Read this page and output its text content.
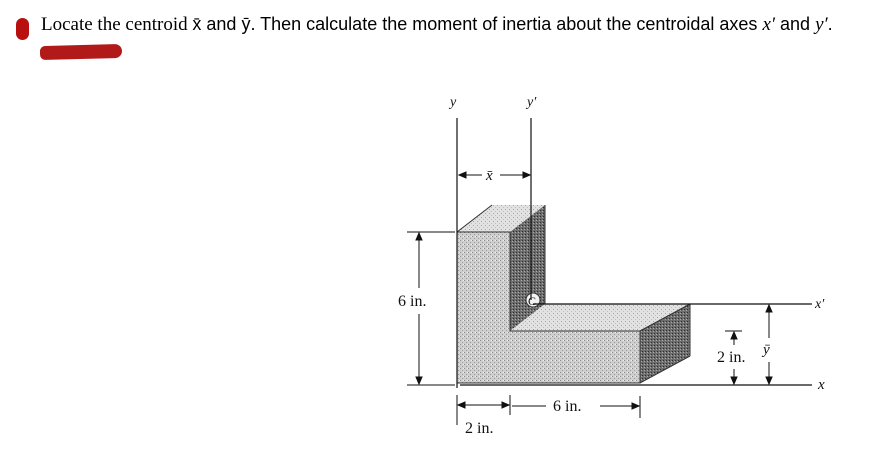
Locate the centroid x̄ and ȳ. Then calculate the moment of inertia about the centroidal axes x′ and y′.
C
y	y′
x′
x
x̄
6 in.
2 in.
6 in.
2 in. ȳ
